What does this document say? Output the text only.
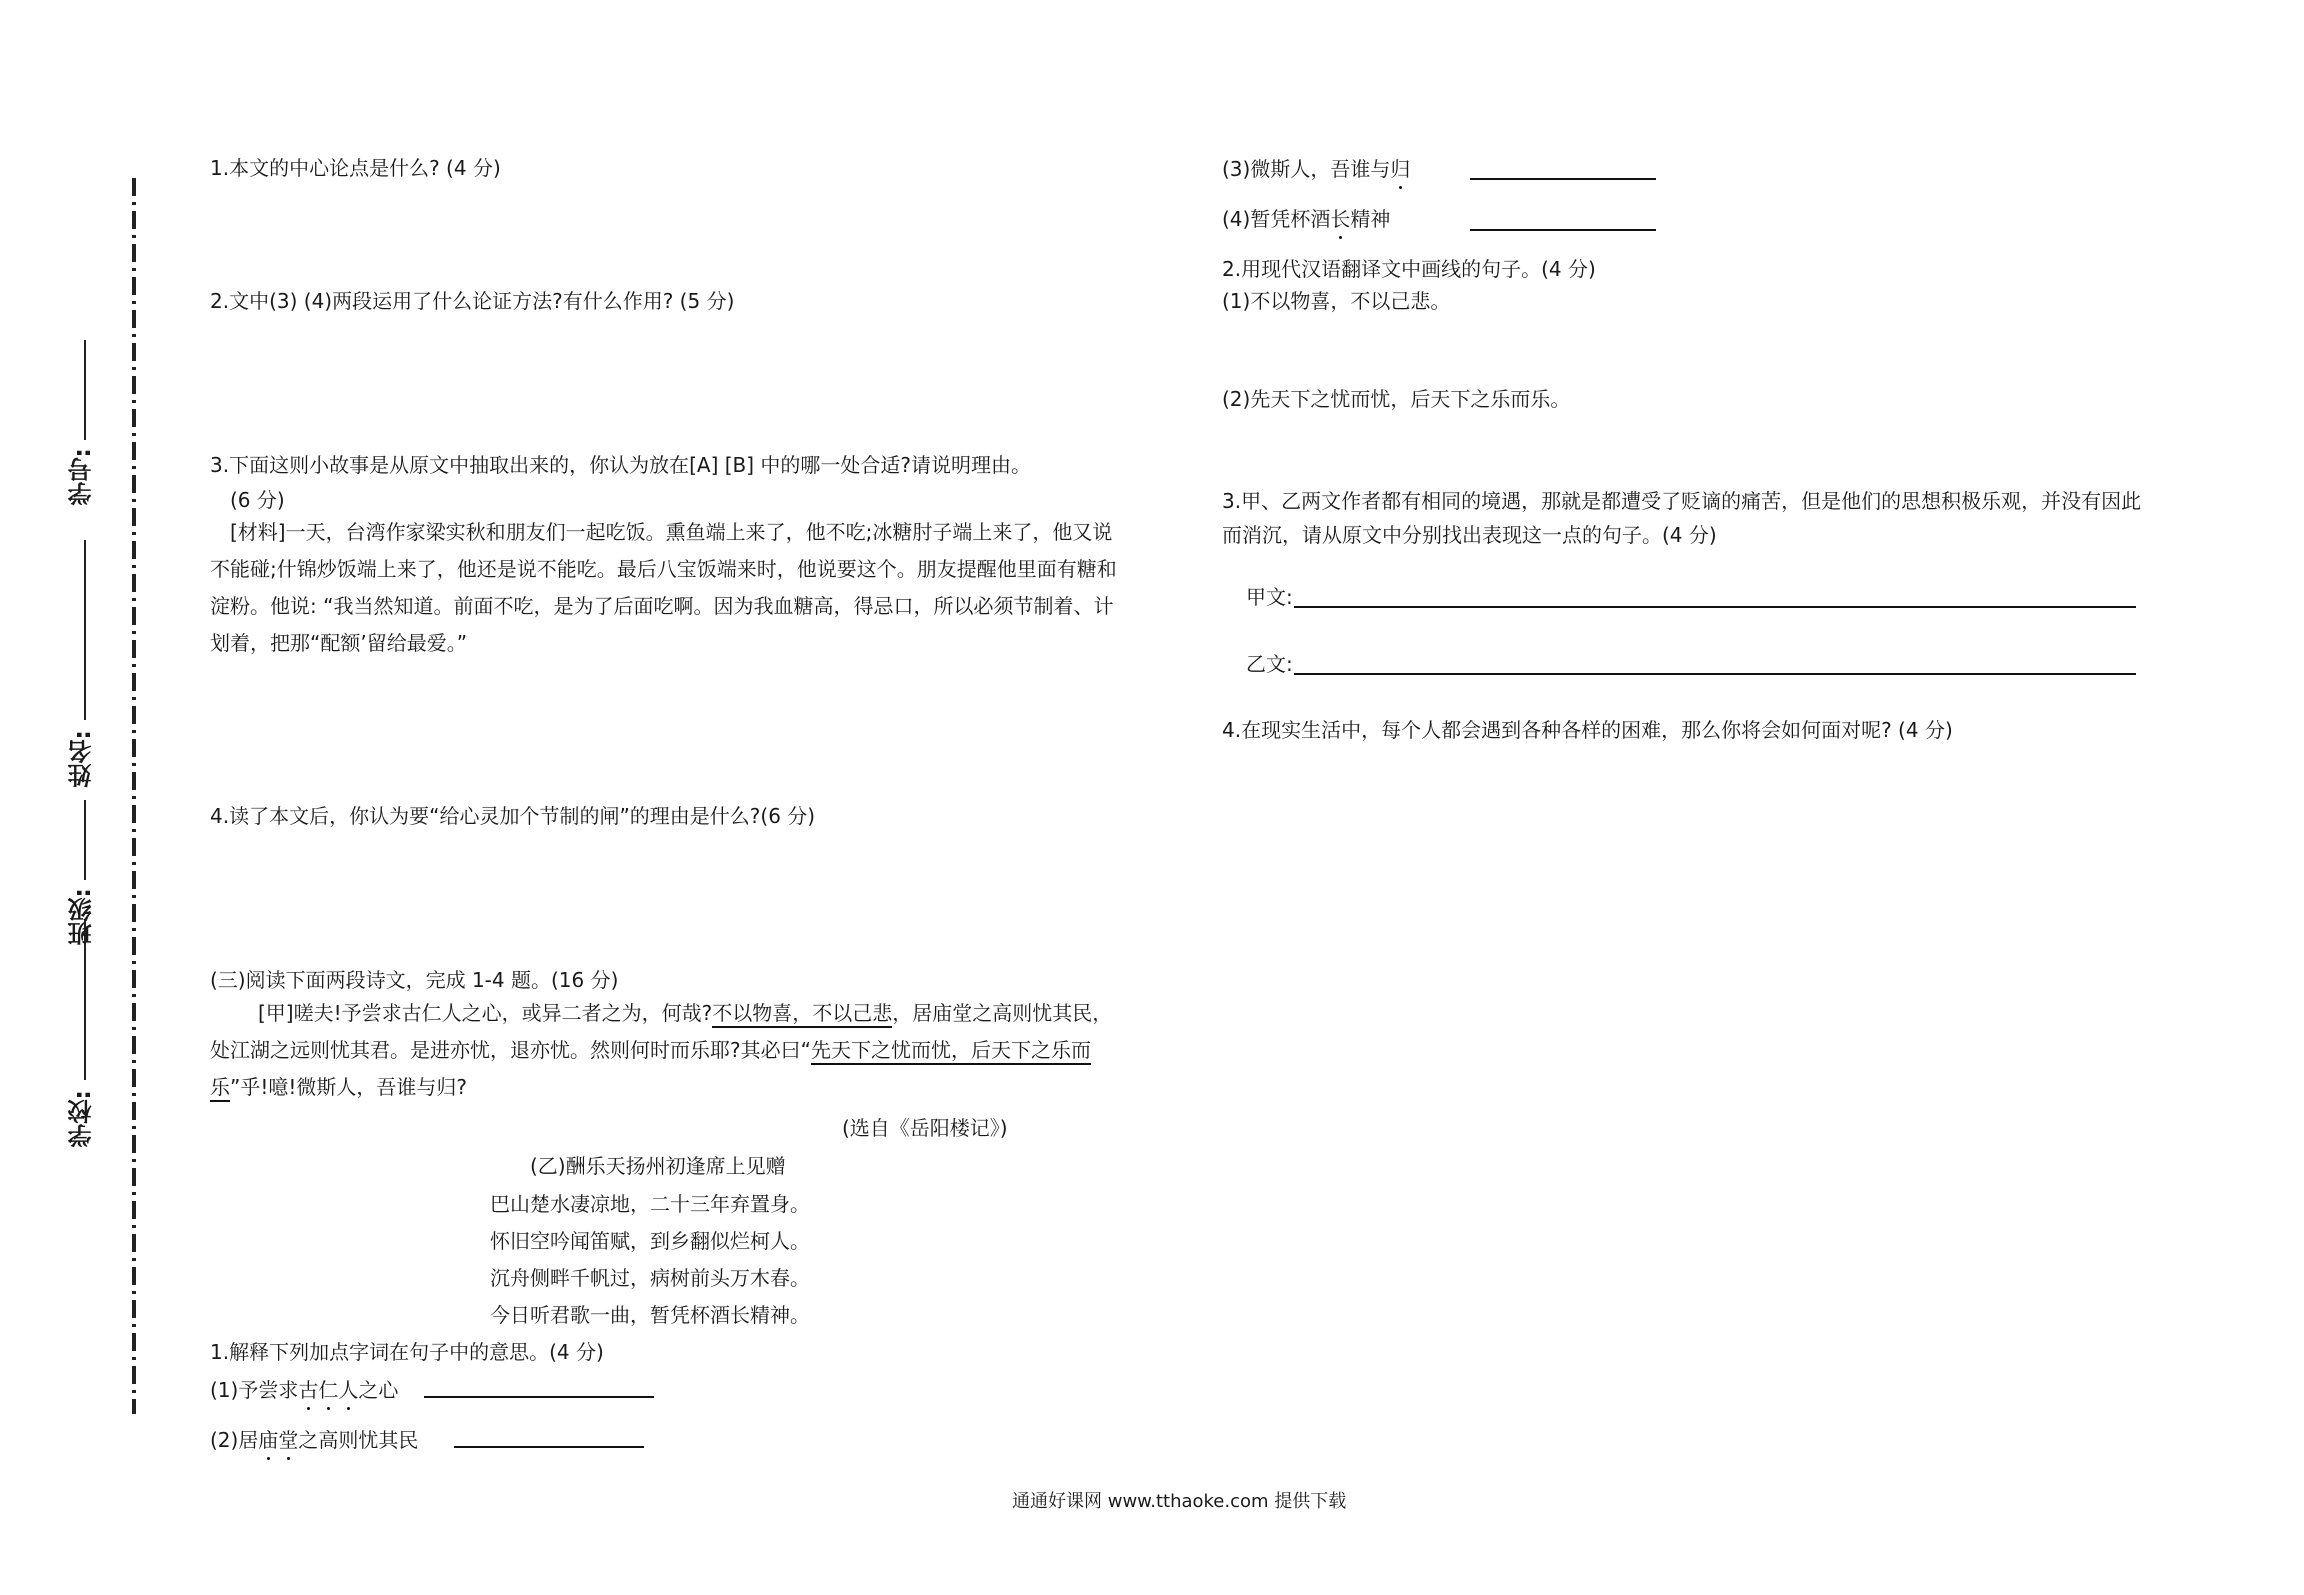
学校:
班级:
姓名:
学号:
1.本文的中心论点是什么? (4 分)
2.文中(3) (4)两段运用了什么论证方法?有什么作用? (5 分)
3.下面这则小故事是从原文中抽取出来的，你认为放在[A] [B] 中的哪一处合适?请说明理由。
(6 分)
[材料]一天，台湾作家梁实秋和朋友们一起吃饭。熏鱼端上来了，他不吃;冰糖肘子端上来了，他又说不能碰;什锦炒饭端上来了，他还是说不能吃。最后八宝饭端来时，他说要这个。朋友提醒他里面有糖和淀粉。他说: “我当然知道。前面不吃，是为了后面吃啊。因为我血糖高，得忌口，所以必须节制着、计划着，把那“配额’留给最爱。”
4.读了本文后，你认为要“给心灵加个节制的闸”的理由是什么?(6 分)
(三)阅读下面两段诗文，完成 1-4 题。(16 分)
[甲]嗟夫!予尝求古仁人之心，或异二者之为，何哉?不以物喜，不以己悲，居庙堂之高则忧其民，处江湖之远则忧其君。是进亦忧，退亦忧。然则何时而乐耶?其必曰“先天下之忧而忧，后天下之乐而乐”乎!噫!微斯人，吾谁与归?
(选自《岳阳楼记》)
(乙)酬乐天扬州初逢席上见赠
巴山楚水凄凉地，二十三年弃置身。
怀旧空吟闻笛赋，到乡翻似烂柯人。
沉舟侧畔千帆过，病树前头万木春。
今日听君歌一曲，暂凭杯酒长精神。
1.解释下列加点字词在句子中的意思。(4 分)
(1)予尝求古仁人之心
(2)居庙堂之高则忧其民
(3)微斯人，吾谁与归
(4)暂凭杯酒长精神
2.用现代汉语翻译文中画线的句子。(4 分)
(1)不以物喜，不以己悲。
(2)先天下之忧而忧，后天下之乐而乐。
3.甲、乙两文作者都有相同的境遇，那就是都遭受了贬谪的痛苦，但是他们的思想积极乐观，并没有因此而消沉，请从原文中分别找出表现这一点的句子。(4 分)
甲文:
乙文:
4.在现实生活中，每个人都会遇到各种各样的困难，那么你将会如何面对呢? (4 分)
通通好课网 www.tthaoke.com 提供下载
